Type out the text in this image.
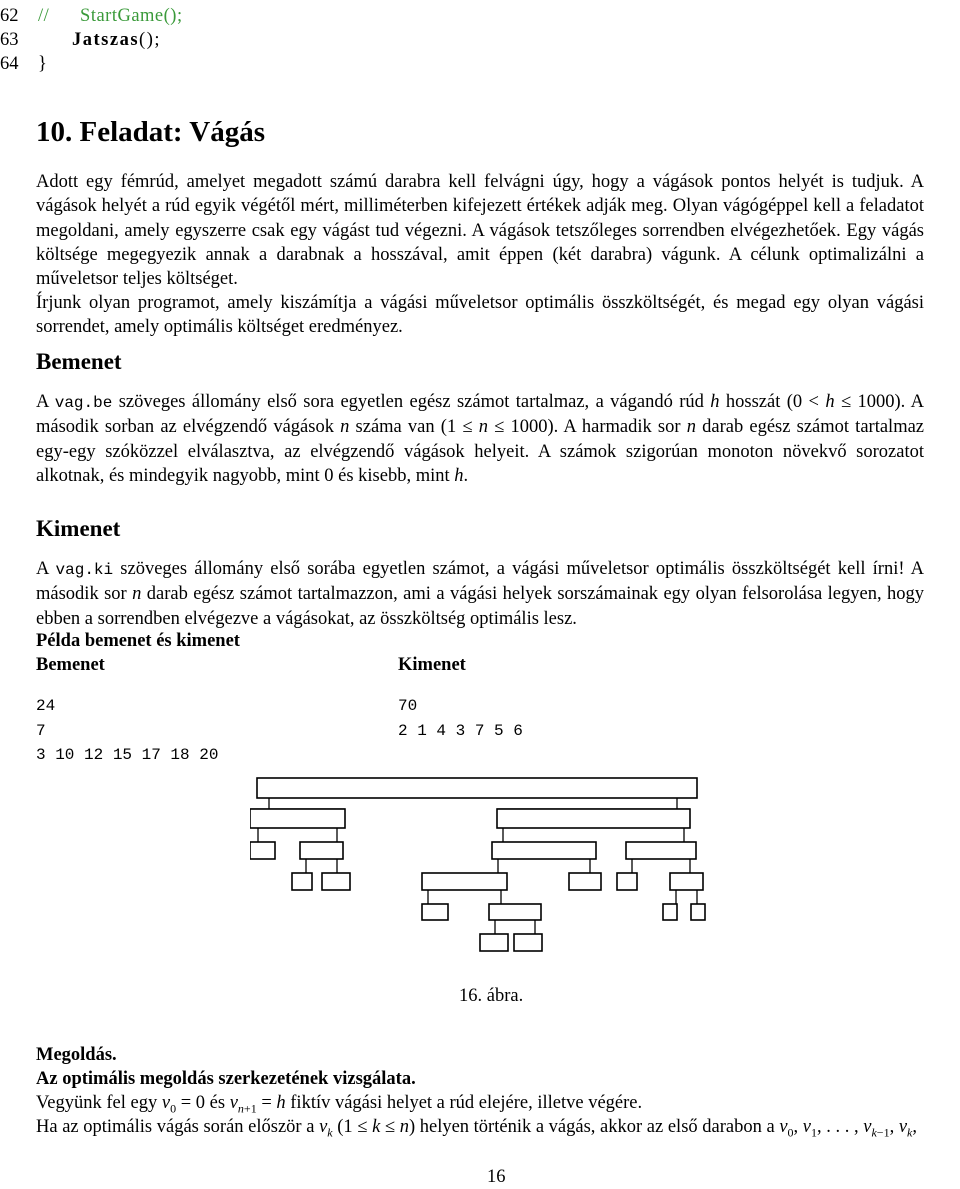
62 //      StartGame();
63	Jatszas();
64 }
10. Feladat: Vágás
Adott egy fémrúd, amelyet megadott számú darabra kell felvágni úgy, hogy a vágások pontos helyét is tudjuk. A vágások helyét a rúd egyik végétől mért, milliméterben kifejezett értékek adják meg. Olyan vágógéppel kell a feladatot megoldani, amely egyszerre csak egy vágást tud végezni. A vágások tetszőleges sorrendben elvégezhetőek. Egy vágás költsége megegyezik annak a darabnak a hosszával, amit éppen (két darabra) vágunk. A célunk optimalizálni a műveletsor teljes költséget.
Írjunk olyan programot, amely kiszámítja a vágási műveletsor optimális összköltségét, és megad egy olyan vágási sorrendet, amely optimális költséget eredményez.
Bemenet
A vag.be szöveges állomány első sora egyetlen egész számot tartalmaz, a vágandó rúd h hosszát (0 < h ≤ 1000). A második sorban az elvégzendő vágások n száma van (1 ≤ n ≤ 1000). A harmadik sor n darab egész számot tartalmaz egy-egy szóközzel elválasztva, az elvégzendő vágások helyeit. A számok szigorúan monoton növekvő sorozatot alkotnak, és mindegyik nagyobb, mint 0 és kisebb, mint h.
Kimenet
A vag.ki szöveges állomány első sorába egyetlen számot, a vágási műveletsor optimális összköltségét kell írni! A második sor n darab egész számot tartalmazzon, ami a vágási helyek sorszámainak egy olyan felsorolása legyen, hogy ebben a sorrendben elvégezve a vágásokat, az összköltség optimális lesz.
Példa bemenet és kimenet
Bemenet	Kimenet
24
7
3 10 12 15 17 18 20
70
2 1 4 3 7 5 6
16. ábra.
Megoldás.
Az optimális megoldás szerkezetének vizsgálata.
Vegyünk fel egy $v_0 = 0$ és $v_{n+1} = h$ fiktív vágási helyet a rúd elejére, illetve végére.
Ha az optimális vágás során először a $v_k$ (1 ≤ k ≤ n) helyen történik a vágás, akkor az első darabon a $v_0$, $v_1$, . . . , $v_{k-1}$, $v_k$,
16
